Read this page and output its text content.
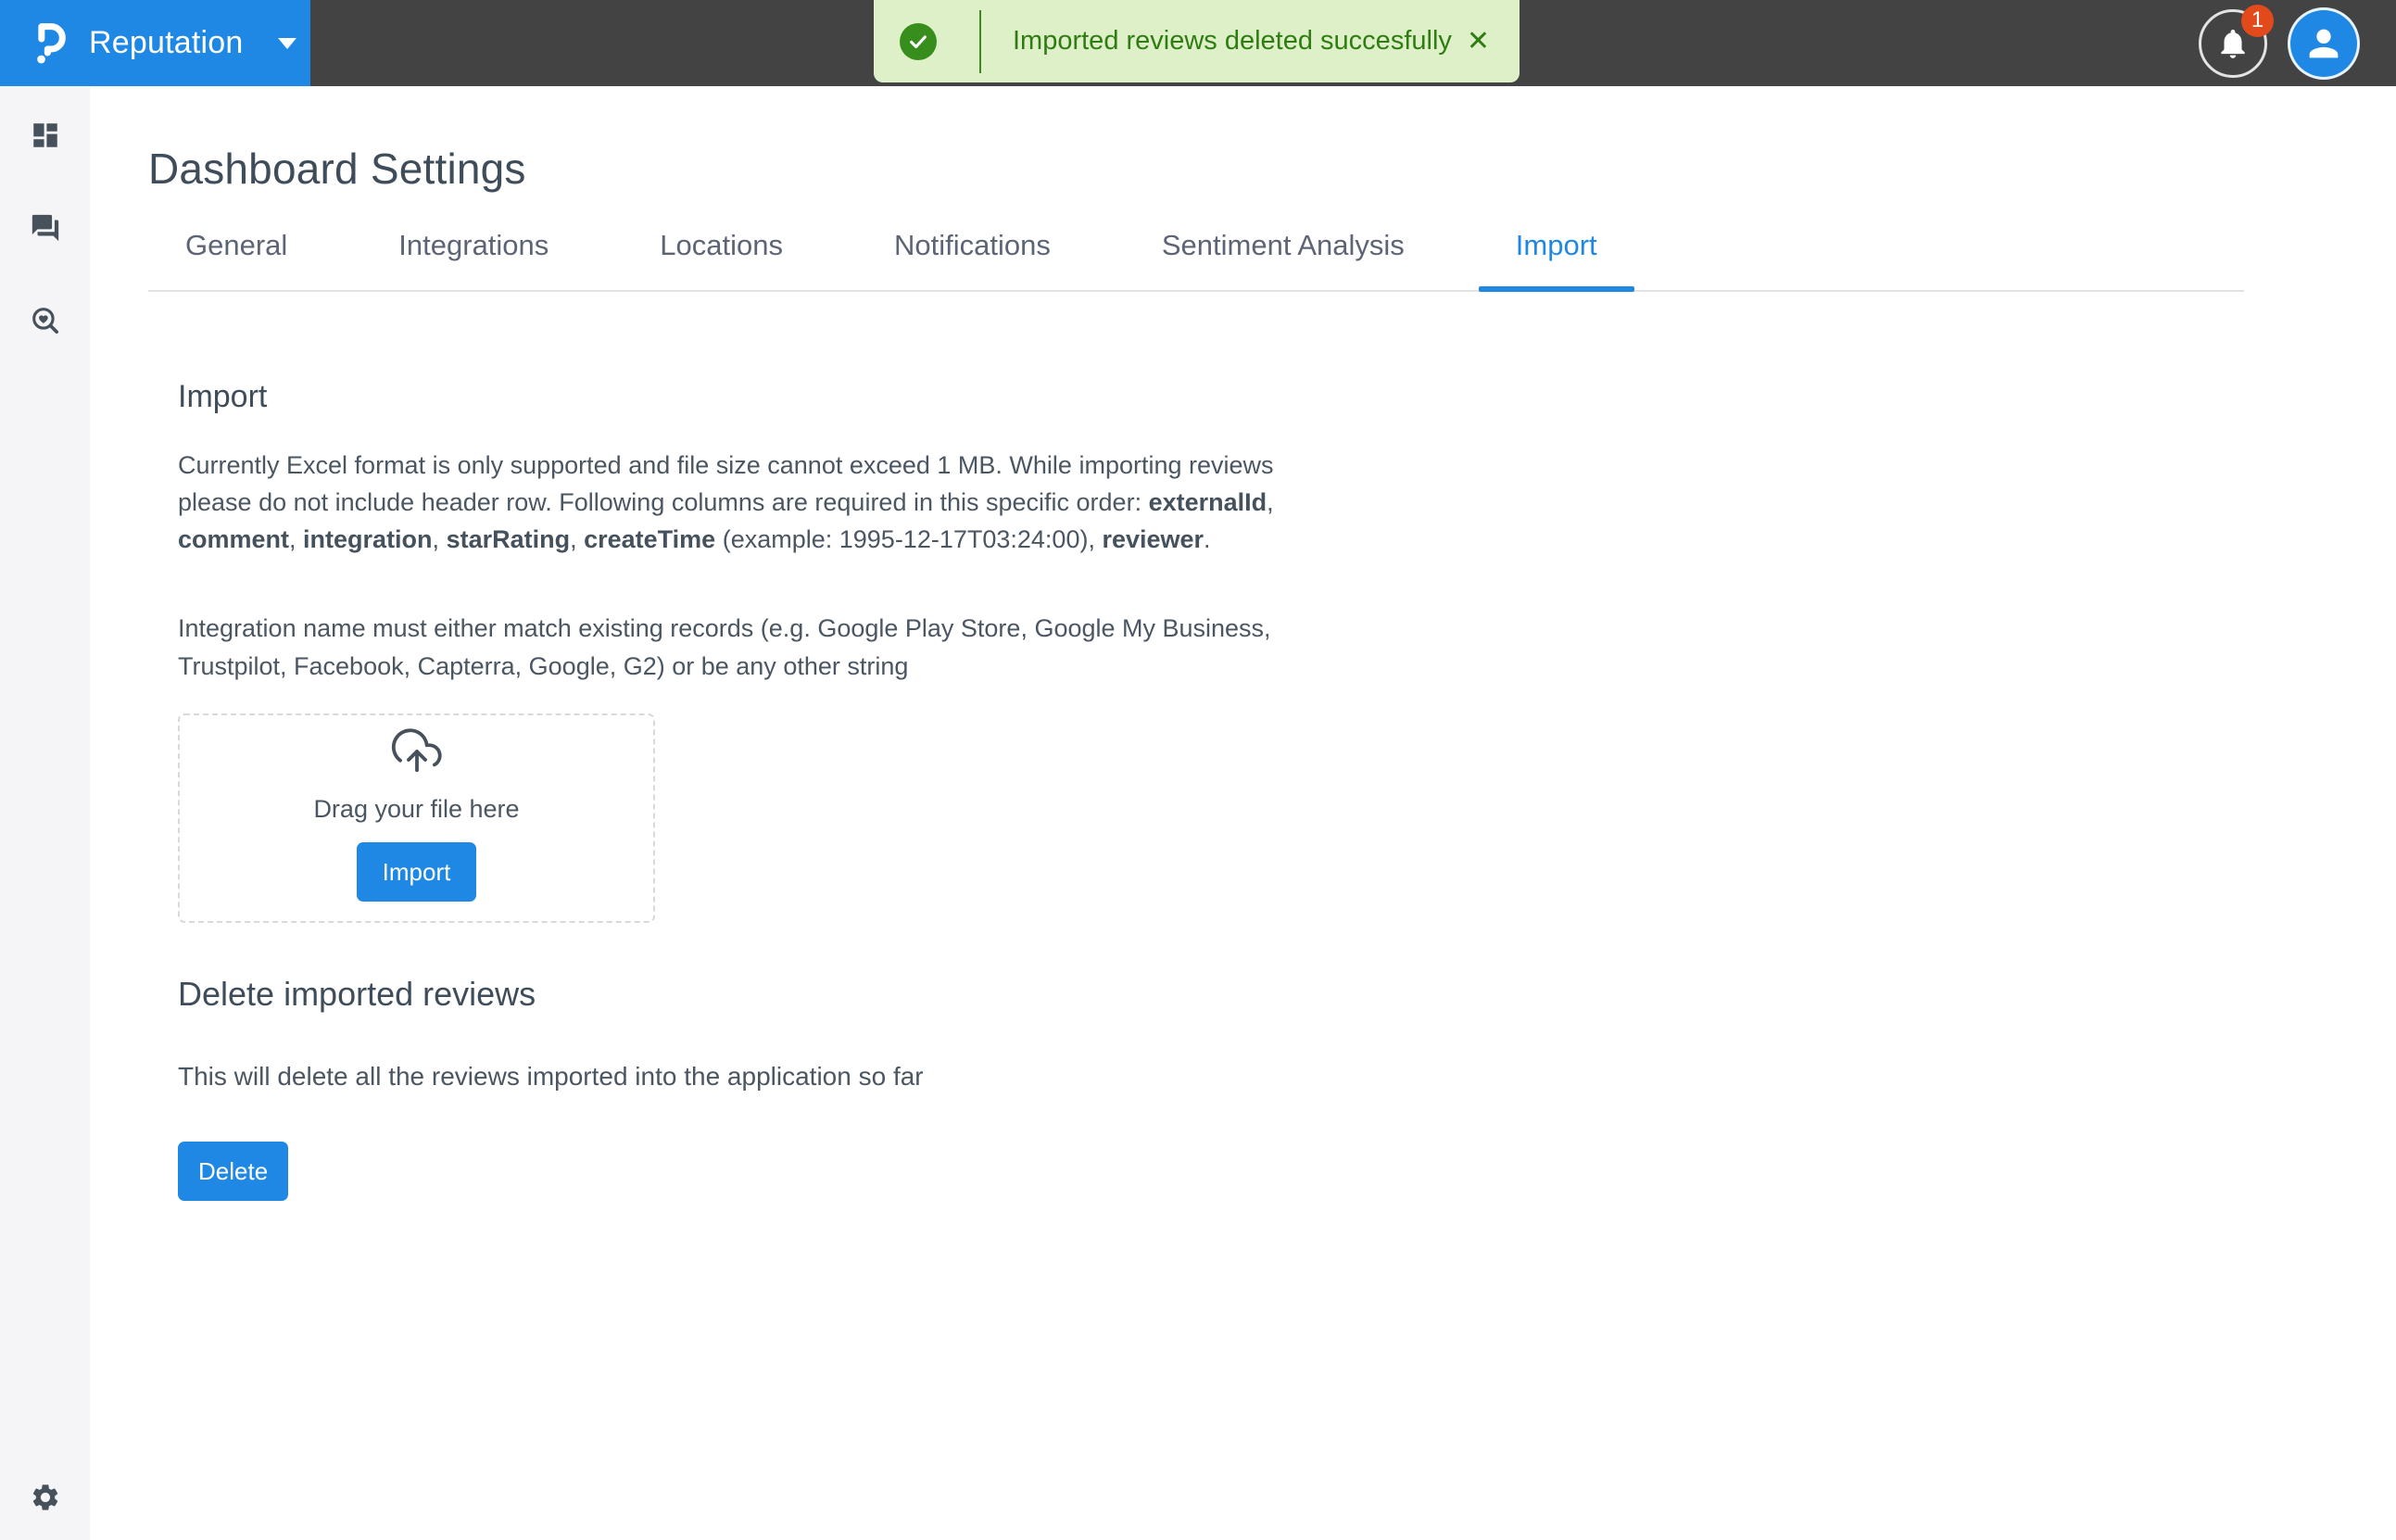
Reputation	Imported reviews deleted succesfully ✕
1
Dashboard Settings
General	Integrations	Locations	Notifications	Sentiment Analysis	Import
Import

Currently Excel format is only supported and file size cannot exceed 1 MB. While importing reviews please do not include header row. Following columns are required in this specific order: externalId, comment, integration, starRating, createTime (example: 1995-12-17T03:24:00), reviewer.

Integration name must either match existing records (e.g. Google Play Store, Google My Business, Trustpilot, Facebook, Capterra, Google, G2) or be any other string

Drag your file here
Import
Delete imported reviews

This will delete all the reviews imported into the application so far

Delete
